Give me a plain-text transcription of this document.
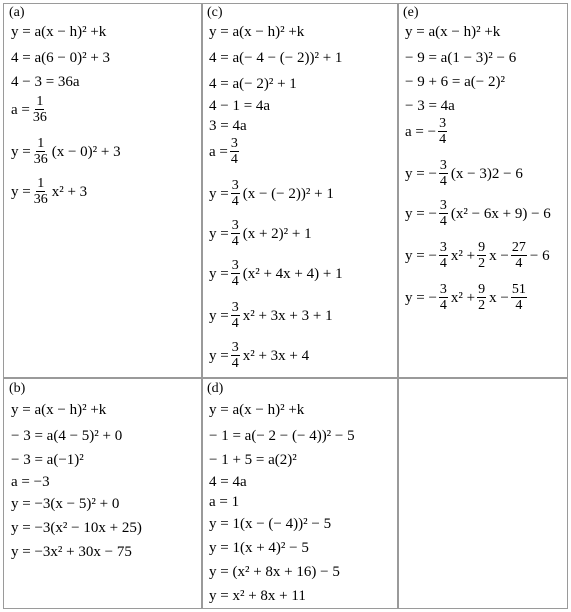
(a)
y = a(x − h)² +k
4 = a(6 − 0)² + 3
4 − 3 = 36a
$a = \frac{1}{36}$
$y = \frac{1}{36} (x - 0)^2 + 3$
$y = \frac{1}{36} x^2 + 3$
(c)
y = a(x − h)² +k
4 = a(− 4 − (− 2))² + 1
4 = a(− 2)² + 1
4 − 1 = 4a
3 = 4a
$a = \frac{3}{4}$
$y = \frac{3}{4} (x$ − (− 2))² + 1
$y = \frac{3}{4} (x + 2)^2 + 1$
$y = \frac{3}{4} (x^2 + 4x + 4) + 1$
$y = \frac{3}{4} x^2 + 3x + 3 + 1$
$y = \frac{3}{4} x^2 + 3x + 4$
(e)
y = a(x − h)² +k
− 9 = a(1 − 3)² − 6
− 9 + 6 = a(− 2)²
− 3 = 4a
a = − $\frac{3}{4}$
y = − $\frac{3}{4} (x - 3)2 - 6$
y = − $\frac{3}{4} (x^2 - 6x + 9) - 6$
y = − $\frac{3}{4} x^2 + \frac{9}{2}$ $x - \frac{27}{4} - 6$
y = − $\frac{3}{4} x^2 + \frac{9}{2}$ $x - \frac{51}{4}$
(b)
y = a(x − h)² +k
− 3 = a(4 − 5)² + 0
− 3 = a(−1)²
a = −3
y = −3(x − 5)² + 0
y = −3(x² − 10x + 25)
y = −3x² + 30x − 75
(d)
y = a(x − h)² +k
− 1 = a(− 2 − (− 4))² − 5
− 1 + 5 = a(2)²
4 = 4a
a = 1
y = 1(x − (− 4))² − 5
y = 1(x + 4)² − 5
y = (x² + 8x + 16) − 5
y = x² + 8x + 11
